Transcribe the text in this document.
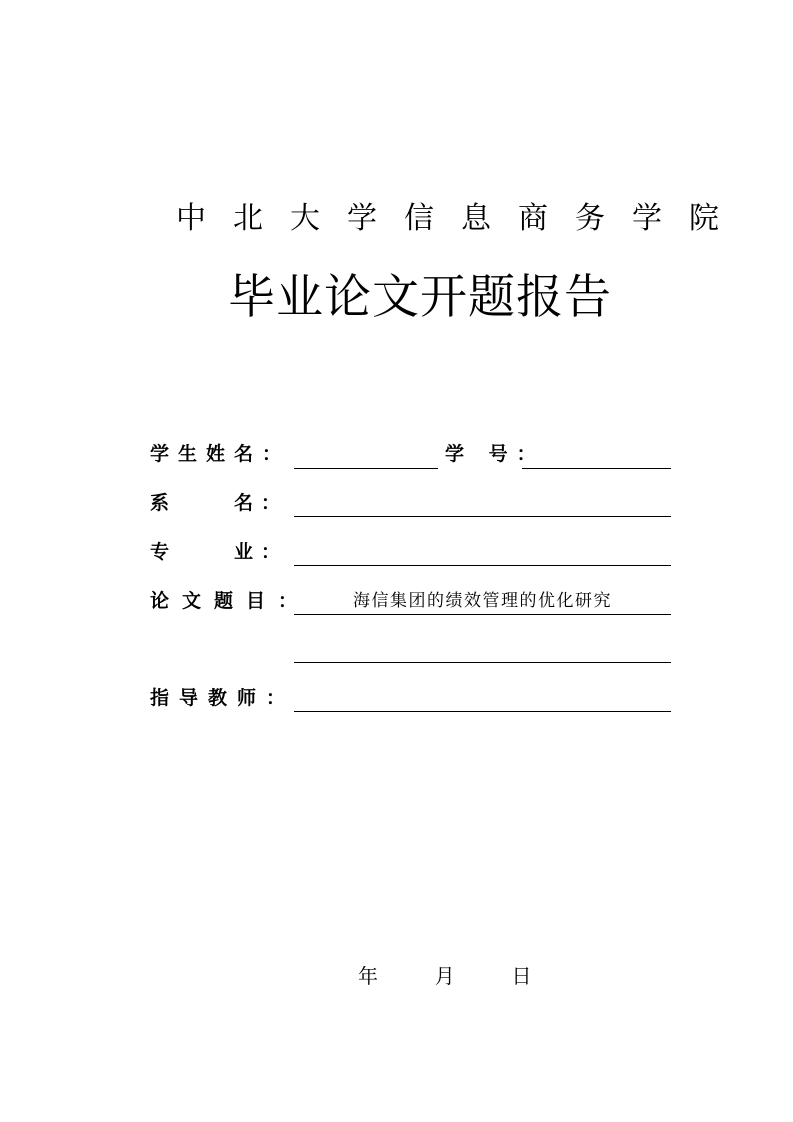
中北大学信息商务学院
毕业论文开题报告
学生姓名：	学 号：
系	名：
专	业：
论文题目：	海信集团的绩效管理的优化研究
指导教师：
年	月	日
